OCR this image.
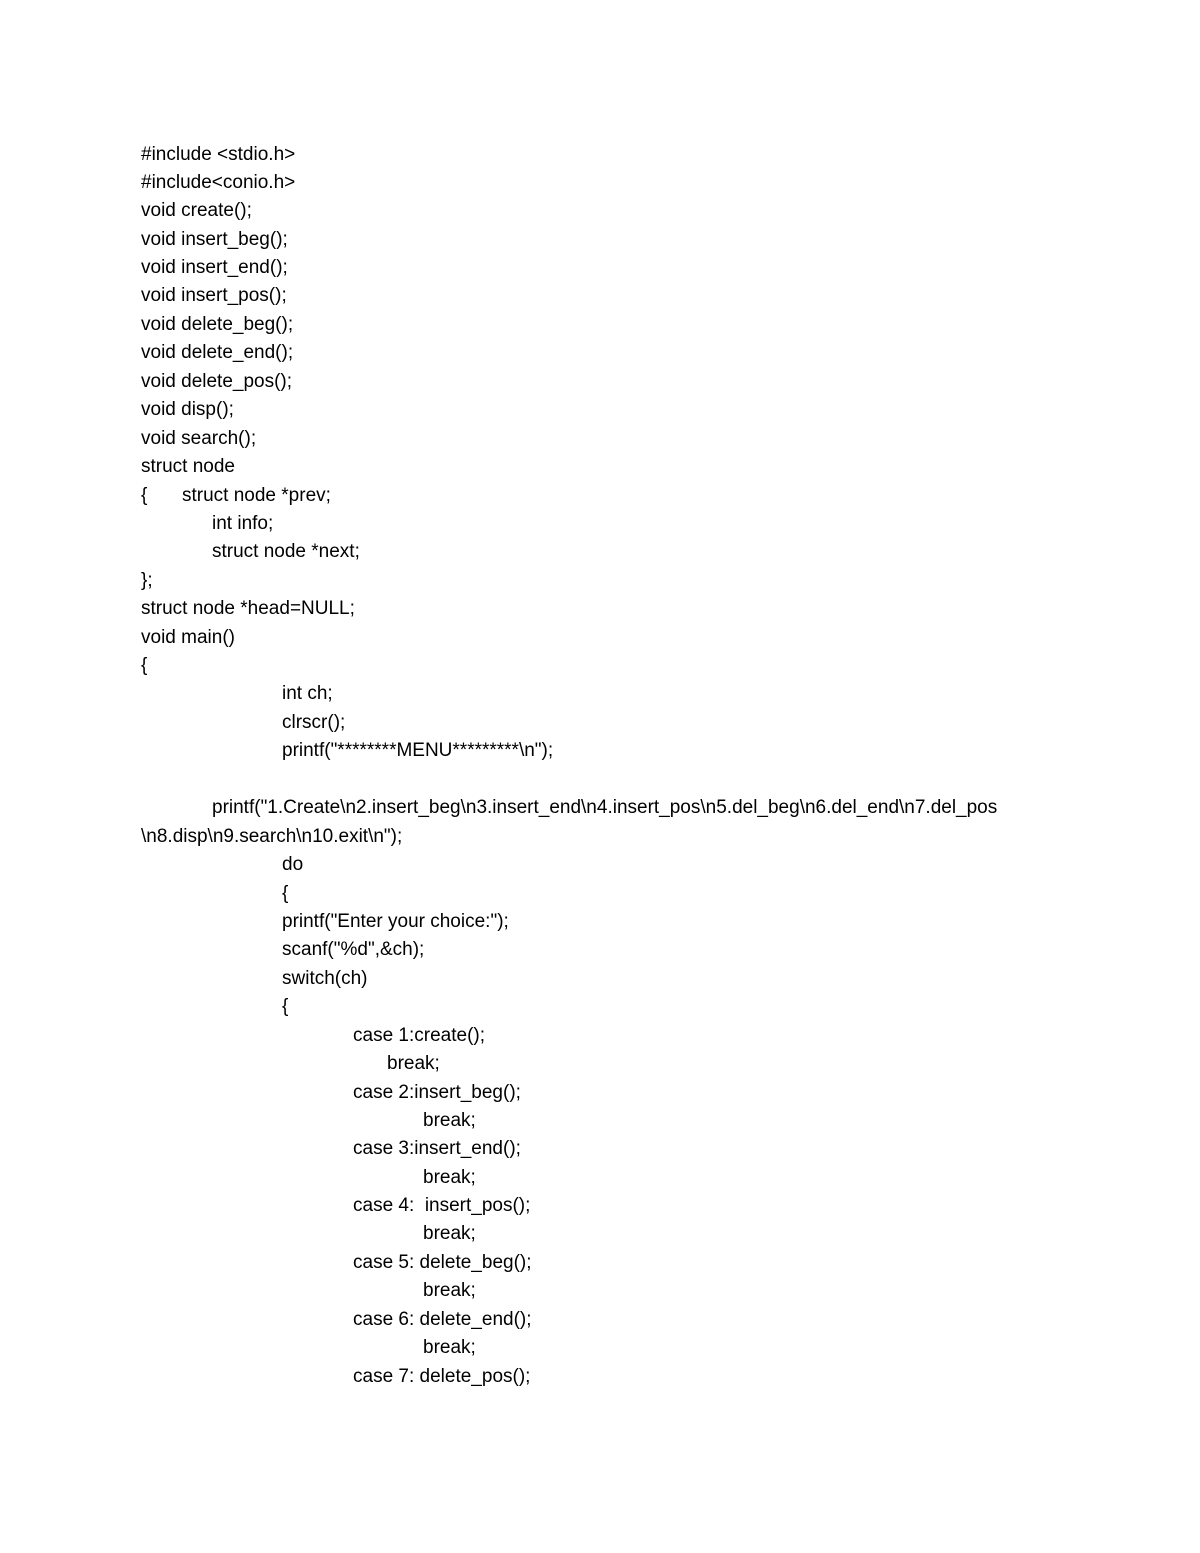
#include <stdio.h>
#include<conio.h>
void create();
void insert_beg();
void insert_end();
void insert_pos();
void delete_beg();
void delete_end();
void delete_pos();
void disp();
void search();
struct node
{ struct node *prev;
int info;
struct node *next;
};
struct node *head=NULL;
void main()
{
int ch;
clrscr();
printf("********MENU*********\n");
printf("1.Create\n2.insert_beg\n3.insert_end\n4.insert_pos\n5.del_beg\n6.del_end\n7.del_pos
\n8.disp\n9.search\n10.exit\n");
do
{
printf("Enter your choice:");
scanf("%d",&ch);
switch(ch)
{
case 1:create();
break;
case 2:insert_beg();
break;
case 3:insert_end();
break;
case 4:  insert_pos();
break;
case 5: delete_beg();
break;
case 6: delete_end();
break;
case 7: delete_pos();
